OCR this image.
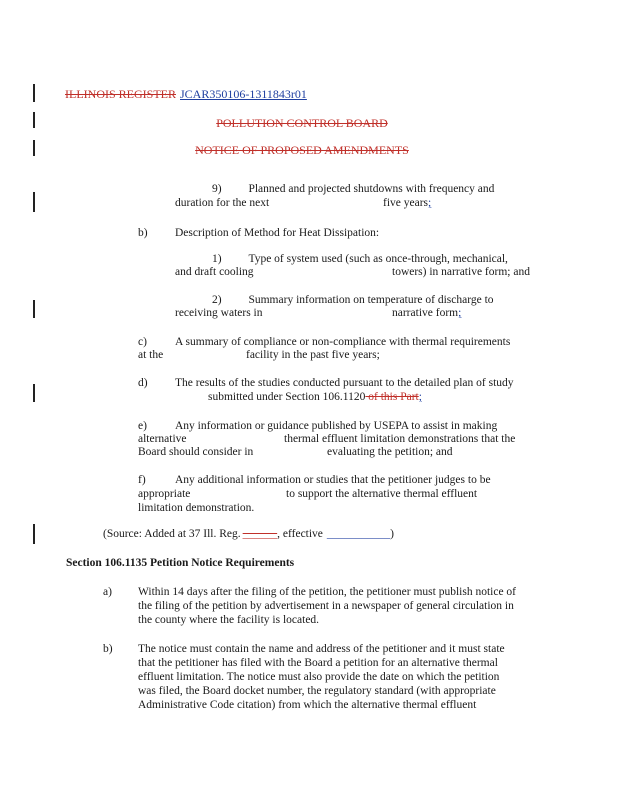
ILLINOIS REGISTER JCAR350106-1311843r01
POLLUTION CONTROL BOARD
NOTICE OF PROPOSED AMENDMENTS
9) Planned and projected shutdowns with frequency and
duration for the next	five years;
b) Description of Method for Heat Dissipation:
1) Type of system used (such as once-through, mechanical,
and draft cooling	towers) in narrative form; and
2) Summary information on temperature of discharge to
receiving waters in	narrative form;
c) A summary of compliance or non-compliance with thermal requirements
at the	facility in the past five years;
d) The results of the studies conducted pursuant to the detailed plan of study
submitted under Section 106.1120 of this Part;
e) Any information or guidance published by USEPA to assist in making
alternative	thermal effluent limitation demonstrations that the
Board should consider in	evaluating the petition; and
f)	Any additional information or studies that the petitioner judges to be
appropriate	to support the alternative thermal effluent
limitation demonstration.
(Source: Added at 37 Ill. Reg. ______, effective ___________)
Section 106.1135 Petition Notice Requirements
a) Within 14 days after the filing of the petition, the petitioner must publish notice of
the filing of the petition by advertisement in a newspaper of general circulation in
the county where the facility is located.
b) The notice must contain the name and address of the petitioner and it must state
that the petitioner has filed with the Board a petition for an alternative thermal
effluent limitation. The notice must also provide the date on which the petition
was filed, the Board docket number, the regulatory standard (with appropriate
Administrative Code citation) from which the alternative thermal effluent
